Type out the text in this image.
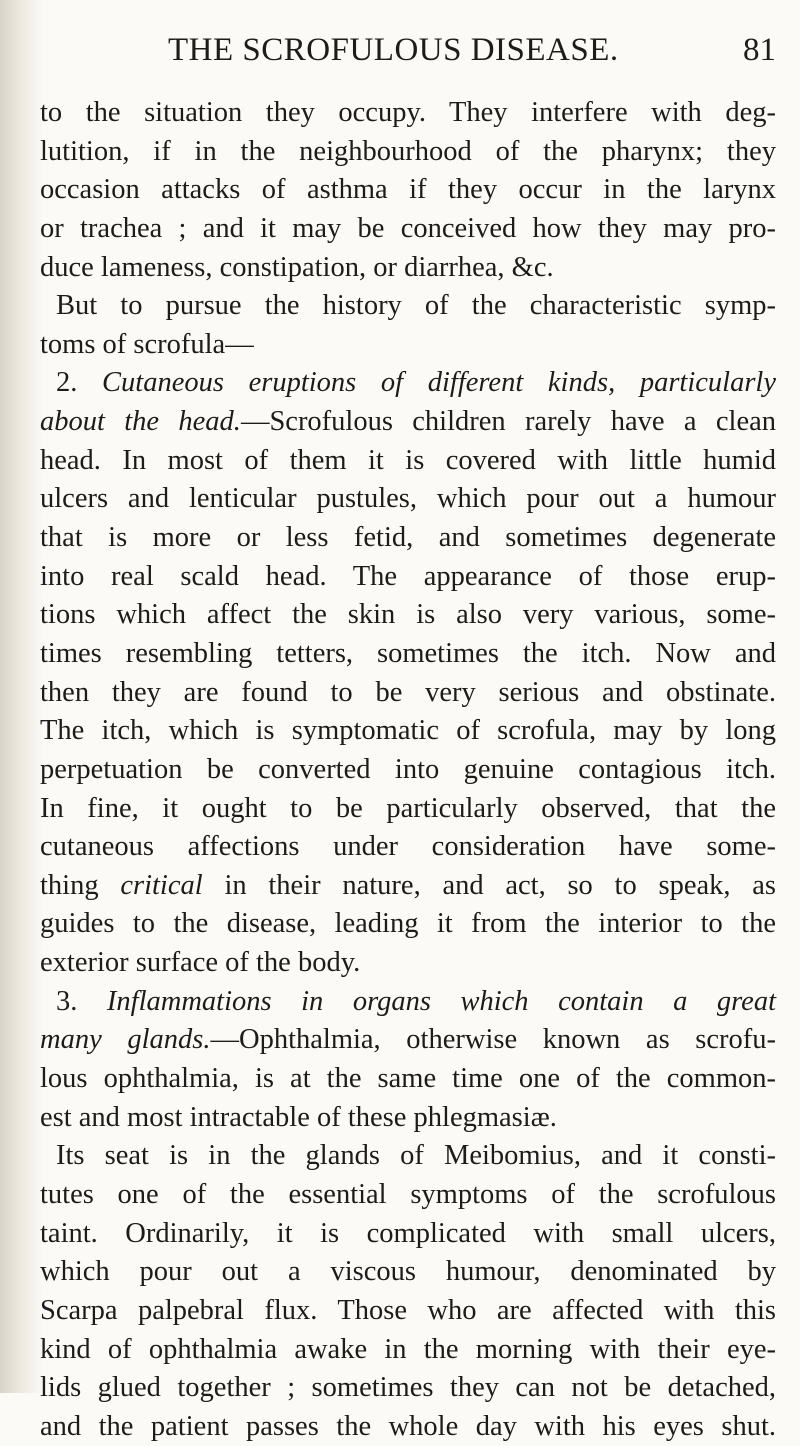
THE SCROFULOUS DISEASE.	81
to the situation they occupy. They interfere with deg-
lutition, if in the neighbourhood of the pharynx; they
occasion attacks of asthma if they occur in the larynx
or trachea ; and it may be conceived how they may pro-
duce lameness, constipation, or diarrhea, &c.
But to pursue the history of the characteristic symp-
toms of scrofula—
2. Cutaneous eruptions of different kinds, particularly
about the head.—Scrofulous children rarely have a clean
head. In most of them it is covered with little humid
ulcers and lenticular pustules, which pour out a humour
that is more or less fetid, and sometimes degenerate
into real scald head. The appearance of those erup-
tions which affect the skin is also very various, some-
times resembling tetters, sometimes the itch. Now and
then they are found to be very serious and obstinate.
The itch, which is symptomatic of scrofula, may by long
perpetuation be converted into genuine contagious itch.
In fine, it ought to be particularly observed, that the
cutaneous affections under consideration have some-
thing critical in their nature, and act, so to speak, as
guides to the disease, leading it from the interior to the
exterior surface of the body.
3. Inflammations in organs which contain a great
many glands.—Ophthalmia, otherwise known as scrofu-
lous ophthalmia, is at the same time one of the common-
est and most intractable of these phlegmasiæ.
Its seat is in the glands of Meibomius, and it consti-
tutes one of the essential symptoms of the scrofulous
taint. Ordinarily, it is complicated with small ulcers,
which pour out a viscous humour, denominated by
Scarpa palpebral flux. Those who are affected with this
kind of ophthalmia awake in the morning with their eye-
lids glued together ; sometimes they can not be detached,
and the patient passes the whole day with his eyes shut.
